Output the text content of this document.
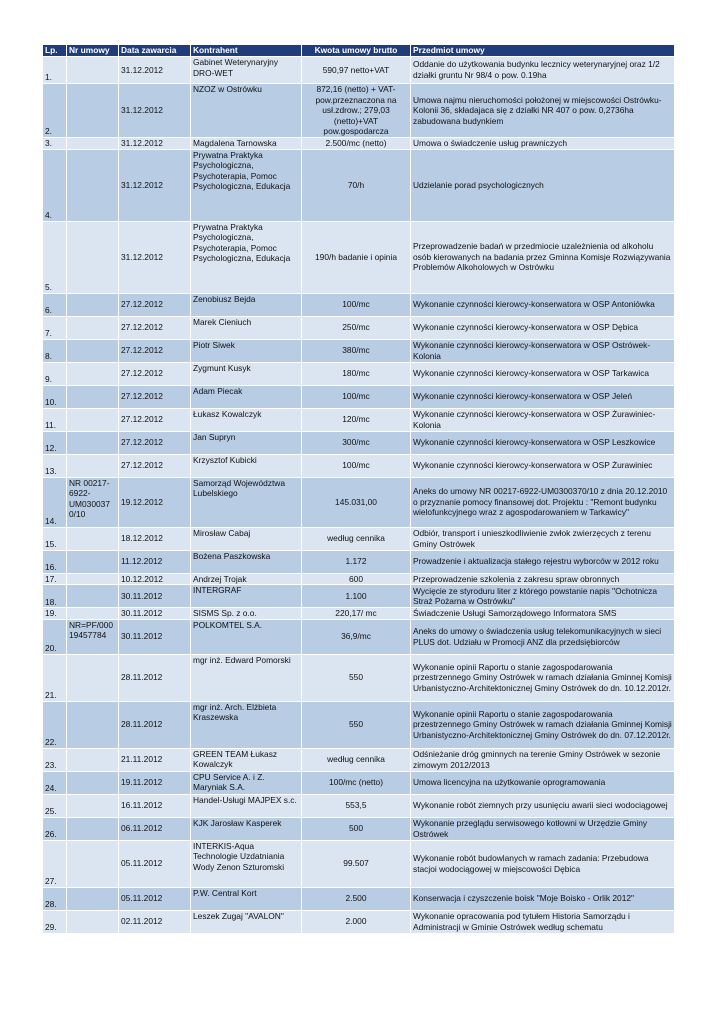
Lp.	Nr umowy	Data zawarcia	Kontrahent	Kwota umowy brutto	Przedmiot umowy
1.		31.12.2012	Gabinet Weterynaryjny DRO-WET	590,97 netto+VAT	Oddanie do użytkowania budynku lecznicy weterynaryjnej oraz 1/2 działki gruntu Nr 98/4 o pow. 0.19ha
2.		31.12.2012	NZOZ w Ostrówku	872,16 (netto) + VAT-pow.przeznaczona na usł.zdrow.; 279,03 (netto)+VAT pow.gospodarcza	Umowa najmu nieruchomości położonej w miejscowości Ostrówku-Kolonii 36, składajaca się z działki NR 407 o pow. 0,2736ha zabudowana budynkiem
3.		31.12.2012	Magdalena Tarnowska	2.500/mc (netto)	Umowa o świadczenie usług prawniczych
4.		31.12.2012	Prywatna Praktyka Psychologiczna, Psychoterapia, Pomoc Psychologiczna, Edukacja	70/h	Udzielanie porad psychologicznych
5.		31.12.2012	Prywatna Praktyka Psychologiczna, Psychoterapia, Pomoc Psychologiczna, Edukacja	190/h badanie i opinia	Przeprowadzenie badań w przedmiocie uzależnienia od alkoholu osób kierowanych na badania przez Gminna Komisje Rozwiązywania Problemów Alkoholowych w Ostrówku
6.		27.12.2012	Zenobiusz Bejda	100/mc	Wykonanie czynności kierowcy-konserwatora w OSP Antoniówka
7.		27.12.2012	Marek Cieniuch	250/mc	Wykonanie czynności kierowcy-konserwatora w OSP Dębica
8.		27.12.2012	Piotr Siwek	380/mc	Wykonanie czynności kierowcy-konserwatora w OSP Ostrówek-Kolonia
9.		27.12.2012	Zygmunt Kusyk	180/mc	Wykonanie czynności kierowcy-konserwatora w OSP Tarkawica
10.		27.12.2012	Adam Piecak	100/mc	Wykonanie czynności kierowcy-konserwatora w OSP Jeleń
11.		27.12.2012	Łukasz Kowalczyk	120/mc	Wykonanie czynności kierowcy-konserwatora w OSP Żurawiniec-Kolonia
12.		27.12.2012	Jan Supryn	300/mc	Wykonanie czynności kierowcy-konserwatora w OSP Leszkowice
13.		27.12.2012	Krzysztof Kubicki	100/mc	Wykonanie czynności kierowcy-konserwatora w OSP Żurawiniec
14.	NR 00217-6922-UM030037 0/10	19.12.2012	Samorząd Województwa Lubelskiego	145.031,00	Aneks do umowy NR 00217-6922-UM0300370/10 z dnia 20.12.2010 o przyznanie pomocy finansowej dot. Projektu : "Remont budynku wielofunkcyjnego wraz z agospodarowaniem w Tarkawicy"
15.		18.12.2012	Mirosław Cabaj	według cennika	Odbiór, transport i unieszkodliwienie zwłok zwierzęcych z terenu Gminy Ostrówek
16.		11.12.2012	Bożena Paszkowska	1.172	Prowadzenie i aktualizacja stałego rejestru wyborców w 2012 roku
17.		10.12.2012	Andrzej Trojak	600	Przeprowadzenie szkolenia z zakresu spraw obronnych
18.		30.11.2012	INTERGRAF	1.100	Wycięcie ze styroduru liter z którego powstanie napis "Ochotnicza Straż Pożarna w Ostrówku"
19.		30.11.2012	SISMS Sp. z o.o.	220,17/ mc	Świadczenie Usługi Samorządowego Informatora SMS
20.	NR=PF/000 19457784	30.11.2012	POLKOMTEL S.A.	36,9/mc	Aneks do umowy o świadczenia usług telekomunikacyjnych w sieci PLUS dot. Udziału w Promocji ANZ dla przedsiębiorców
21.		28.11.2012	mgr inż. Edward Pomorski	550	Wykonanie opinii Raportu o stanie zagospodarowania przestrzennego Gminy Ostrówek w ramach działania Gminnej Komisji Urbanistyczno-Architektonicznej Gminy Ostrówek do dn. 10.12.2012r.
22.		28.11.2012	mgr inż. Arch. Elżbieta Kraszewska	550	Wykonanie opinii Raportu o stanie zagospodarowania przestrzennego Gminy Ostrówek w ramach działania Gminnej Komisji Urbanistyczno-Architektonicznej Gminy Ostrówek do dn. 07.12.2012r.
23.		21.11.2012	GREEN TEAM Łukasz Kowalczyk	według cennika	Odśnieżanie dróg gminnych na terenie Gminy Ostrówek w sezonie zimowym 2012/2013
24.		19.11.2012	CPU Service A. i Z. Maryniak S.A.	100/mc (netto)	Umowa licencyjna na użytkowanie oprogramowania
25.		16.11.2012	Handel-Usługi MAJPEX s.c.	553,5	Wykonanie robót ziemnych przy usunięciu awarii sieci wodociągowej
26.		06.11.2012	KJK Jarosław Kasperek	500	Wykonanie przeglądu serwisowego kotłowni w Urzędzie Gminy Ostrówek
27.		05.11.2012	INTERKIS-Aqua Technologie Uzdatniania Wody Zenon Szturomski	99.507	Wykonanie robót budowlanych w ramach zadania: Przebudowa stacjoi wodociągowej w miejscowości Dębica
28.		05.11.2012	P.W. Central Kort	2.500	Konserwacja i czyszczenie boisk "Moje Boisko - Orlik 2012"
29.		02.11.2012	Leszek Zugaj "AVALON"	2.000	Wykonanie opracowania pod tytułem Historia Samorządu i Administracji w Gminie Ostrówek według schematu
